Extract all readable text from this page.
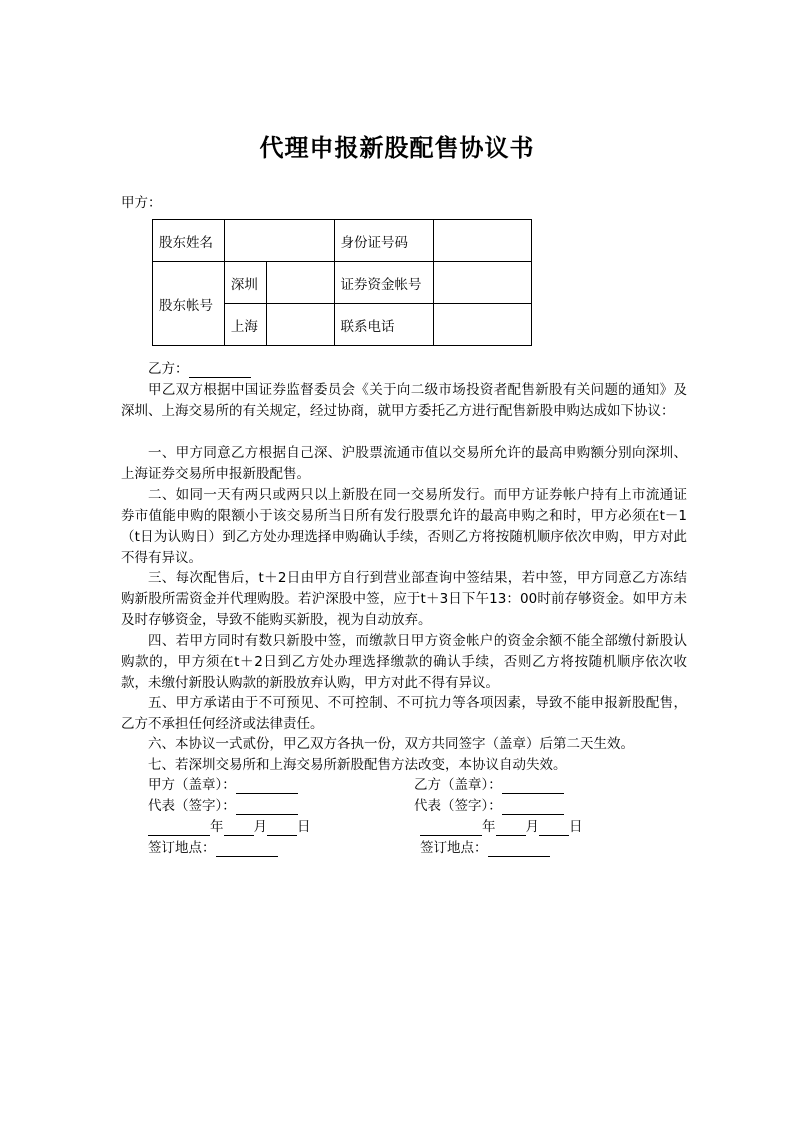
代理申报新股配售协议书
甲方：
股东姓名			身份证号码	
股东帐号	深圳		证券资金帐号	
	上海		联系电话	
乙方：
甲乙双方根据中国证券监督委员会《关于向二级市场投资者配售新股有关问题的通知》及深圳、上海交易所的有关规定，经过协商，就甲方委托乙方进行配售新股申购达成如下协议：
一、甲方同意乙方根据自己深、沪股票流通市值以交易所允许的最高申购额分别向深圳、上海证券交易所申报新股配售。
二、如同一天有两只或两只以上新股在同一交易所发行。而甲方证券帐户持有上市流通证券市值能申购的限额小于该交易所当日所有发行股票允许的最高申购之和时，甲方必须在t－1（t日为认购日）到乙方处办理选择申购确认手续，否则乙方将按随机顺序依次申购，甲方对此不得有异议。
三、每次配售后，t＋2日由甲方自行到营业部查询中签结果，若中签，甲方同意乙方冻结购新股所需资金并代理购股。若沪深股中签，应于t＋3日下午13：00时前存够资金。如甲方未及时存够资金，导致不能购买新股，视为自动放弃。
四、若甲方同时有数只新股中签，而缴款日甲方资金帐户的资金余额不能全部缴付新股认购款的，甲方须在t＋2日到乙方处办理选择缴款的确认手续，否则乙方将按随机顺序依次收款，未缴付新股认购款的新股放弃认购，甲方对此不得有异议。
五、甲方承诺由于不可预见、不可控制、不可抗力等各项因素，导致不能申报新股配售，乙方不承担任何经济或法律责任。
六、本协议一式贰份，甲乙双方各执一份，双方共同签字（盖章）后第二天生效。
七、若深圳交易所和上海交易所新股配售方法改变，本协议自动失效。
甲方（盖章）：	乙方（盖章）：
代表（签字）：	代表（签字）：
年 月 日	年 月 日
签订地点：	签订地点：
